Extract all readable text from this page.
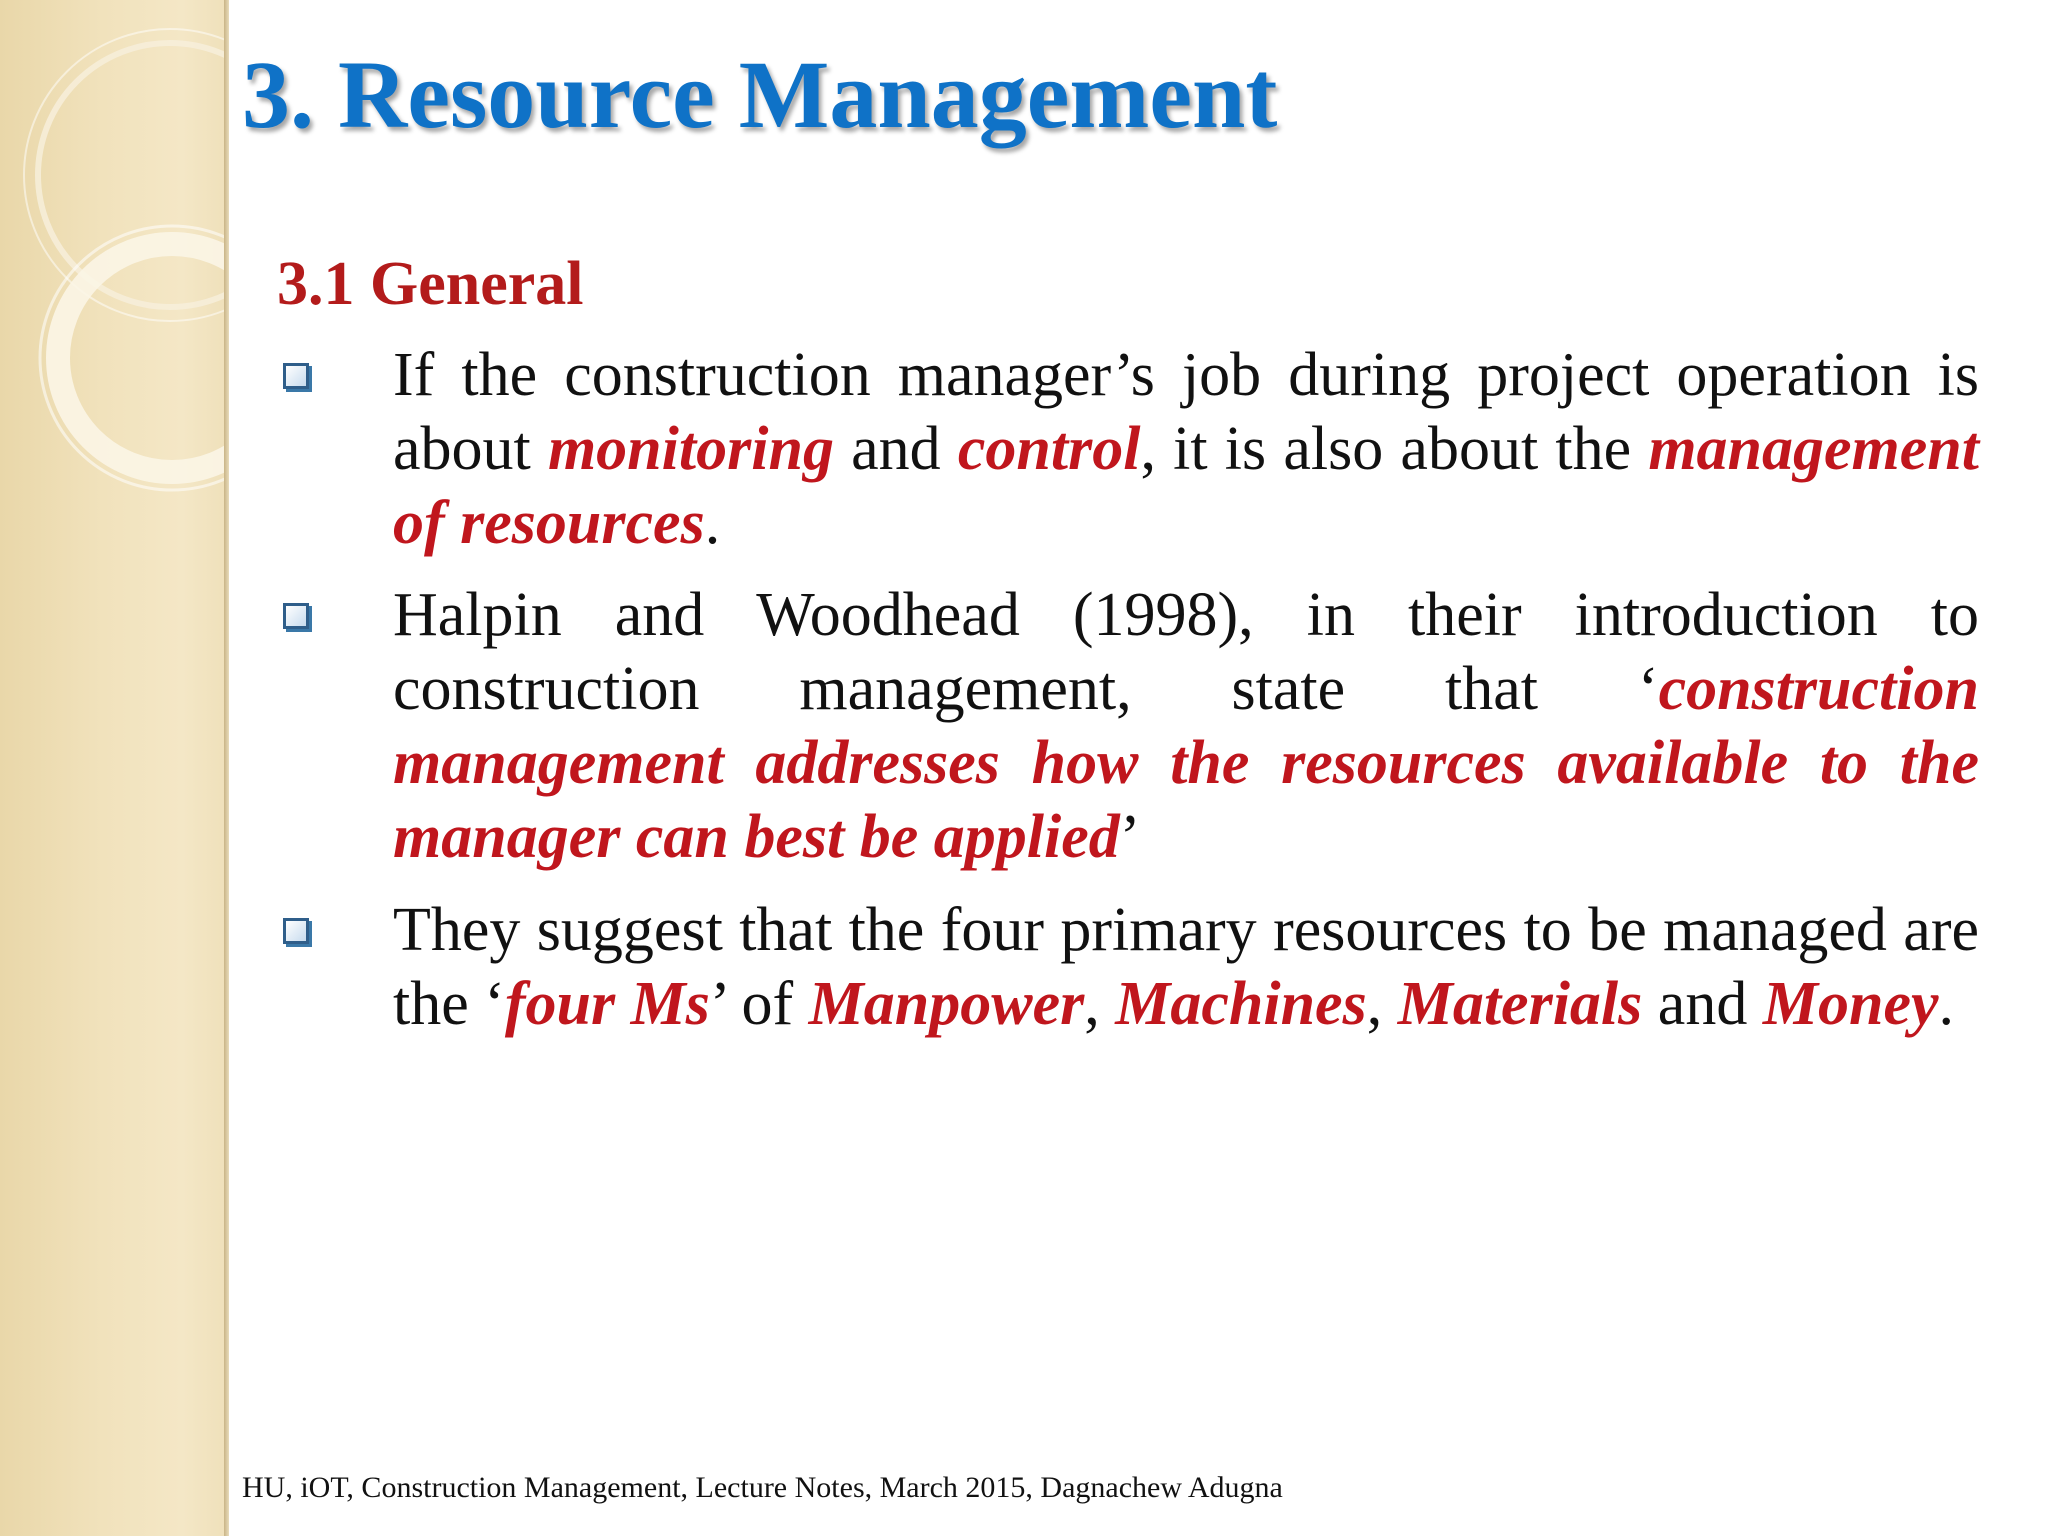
3. Resource Management
3.1 General

If the construction manager’s job during project operation is about monitoring and control, it is also about the management of resources.

Halpin and Woodhead (1998), in their introduction to construction management, state that ‘construction management addresses how the resources available to the manager can best be applied’

They suggest that the four primary resources to be managed are the ‘four Ms’ of Manpower, Machines, Materials and Money.

HU, iOT, Construction Management, Lecture Notes, March 2015, Dagnachew Adugna
